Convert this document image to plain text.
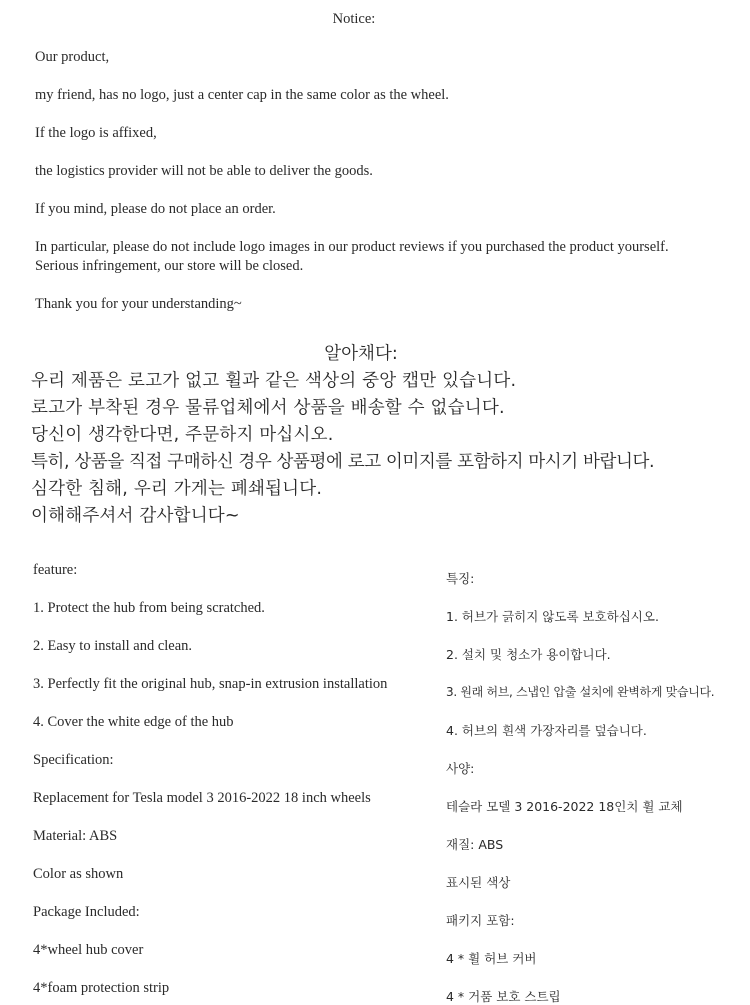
Notice:
Our product,
my friend, has no logo, just a center cap in the same color as the wheel.
If the logo is affixed,
the logistics provider will not be able to deliver the goods.
If you mind, please do not place an order.
In particular, please do not include logo images in our product reviews if you purchased the product yourself.
Serious infringement, our store will be closed.
Thank you for your understanding~
알아채다:
우리 제품은 로고가 없고 휠과 같은 색상의 중앙 캡만 있습니다.
로고가 부착된 경우 물류업체에서 상품을 배송할 수 없습니다.
당신이 생각한다면, 주문하지 마십시오.
특히, 상품을 직접 구매하신 경우 상품평에 로고 이미지를 포함하지 마시기 바랍니다.
심각한 침해, 우리 가게는 폐쇄됩니다.
이해해주셔서 감사합니다~
feature:
1. Protect the hub from being scratched.
2. Easy to install and clean.
3. Perfectly fit the original hub, snap-in extrusion installation
4. Cover the white edge of the hub
Specification:
Replacement for Tesla model 3 2016-2022 18 inch wheels
Material: ABS
Color as shown
Package Included:
4*wheel hub cover
4*foam protection strip
특징:
1. 허브가 긁히지 않도록 보호하십시오.
2. 설치 및 청소가 용이합니다.
3. 원래 허브, 스냅인 압출 설치에 완벽하게 맞습니다.
4. 허브의 흰색 가장자리를 덮습니다.
사양:
테슬라 모델 3 2016-2022 18인치 휠 교체
재질: ABS
표시된 색상
패키지 포함:
4 * 휠 허브 커버
4 * 거품 보호 스트립
